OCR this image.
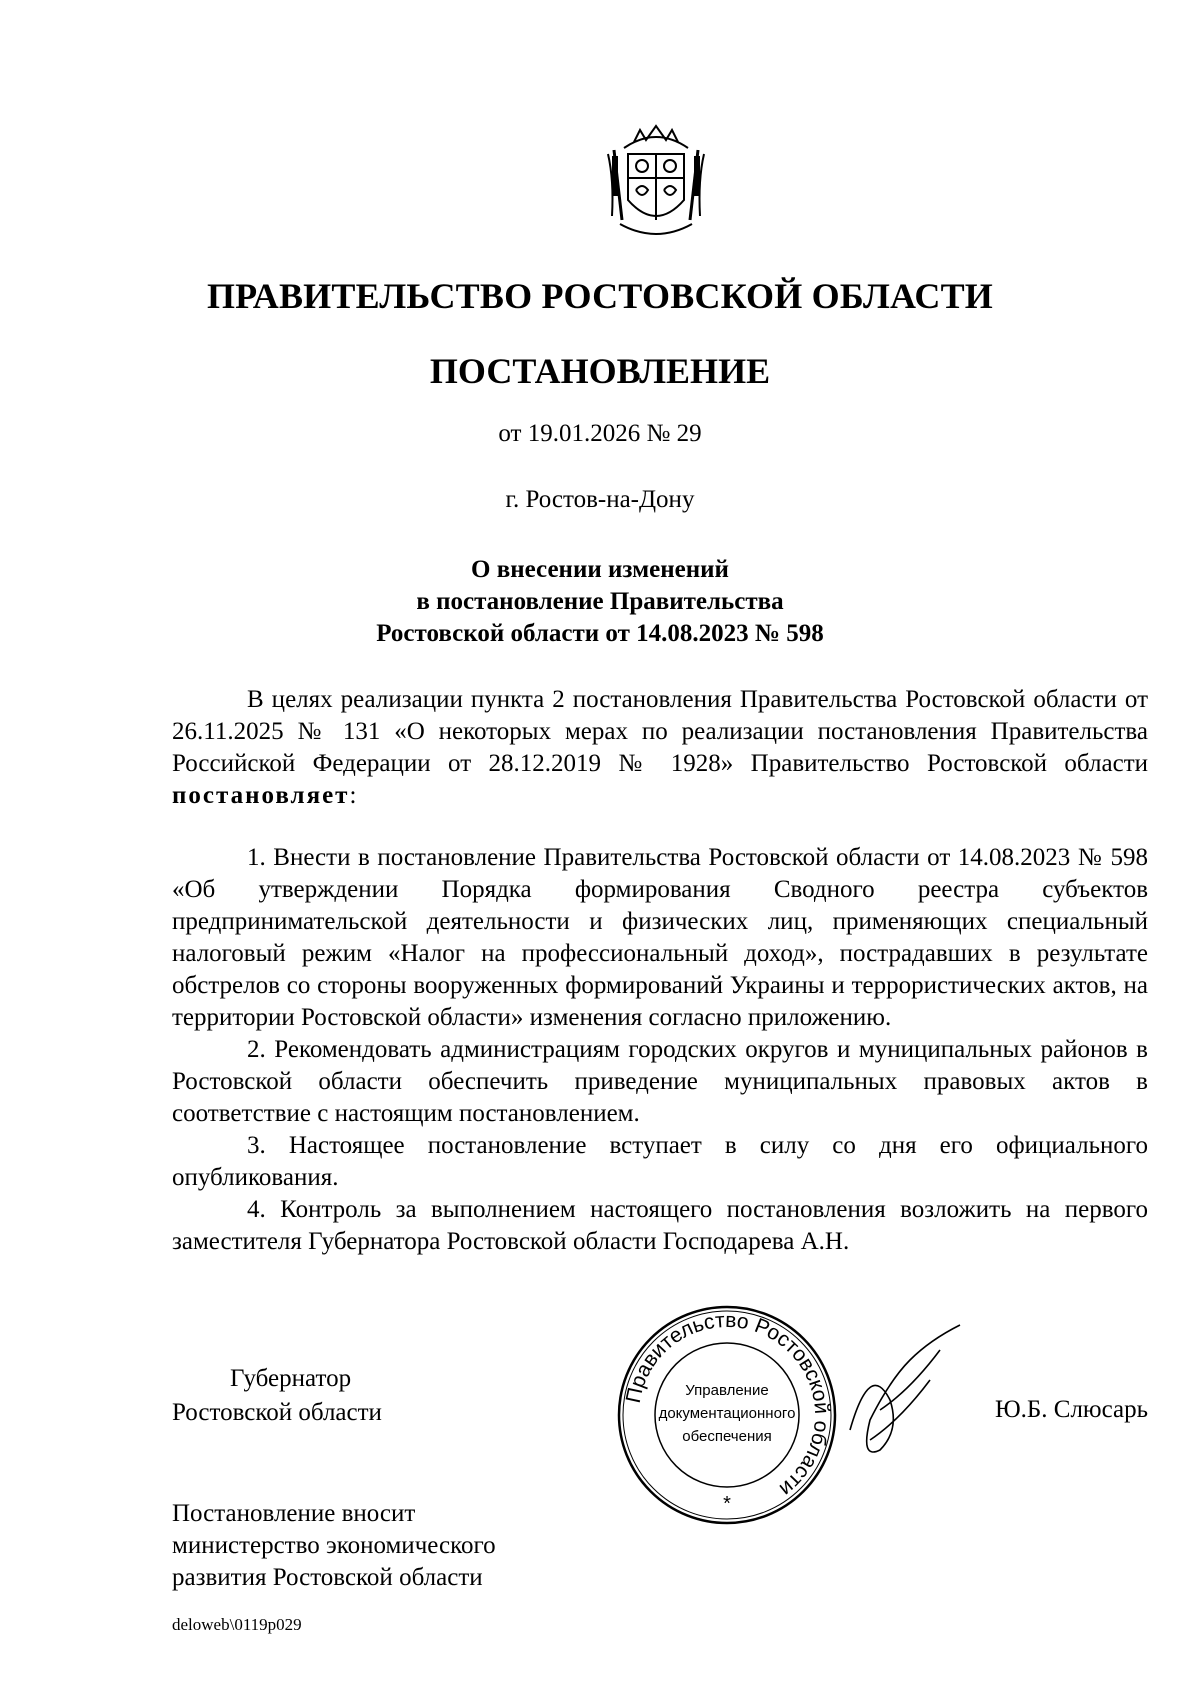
ПРАВИТЕЛЬСТВО РОСТОВСКОЙ ОБЛАСТИ
ПОСТАНОВЛЕНИЕ
от 19.01.2026 № 29
г. Ростов-на-Дону
О внесении изменений
в постановление Правительства
Ростовской области от 14.08.2023 № 598

В целях реализации пункта 2 постановления Правительства Ростовской области от 26.11.2025 № 131 «О некоторых мерах по реализации постановления Правительства Российской Федерации от 28.12.2019 № 1928» Правительство Ростовской области постановляет:

1. Внести в постановление Правительства Ростовской области от 14.08.2023 № 598 «Об утверждении Порядка формирования Сводного реестра субъектов предпринимательской деятельности и физических лиц, применяющих специальный налоговый режим «Налог на профессиональный доход», пострадавших в результате обстрелов со стороны вооруженных формирований Украины и террористических актов, на территории Ростовской области» изменения согласно приложению.

2. Рекомендовать администрациям городских округов и муниципальных районов в Ростовской области обеспечить приведение муниципальных правовых актов в соответствие с настоящим постановлением.

3. Настоящее постановление вступает в силу со дня его официального опубликования.

4. Контроль за выполнением настоящего постановления возложить на первого заместителя Губернатора Ростовской области Господарева А.Н.

Губернатор
Ростовской области
Правительство Ростовской области
Управление
документационного
обеспечения
*
Ю.Б. Слюсарь
Постановление вносит
министерство экономического
развития Ростовской области
deloweb\0119p029
